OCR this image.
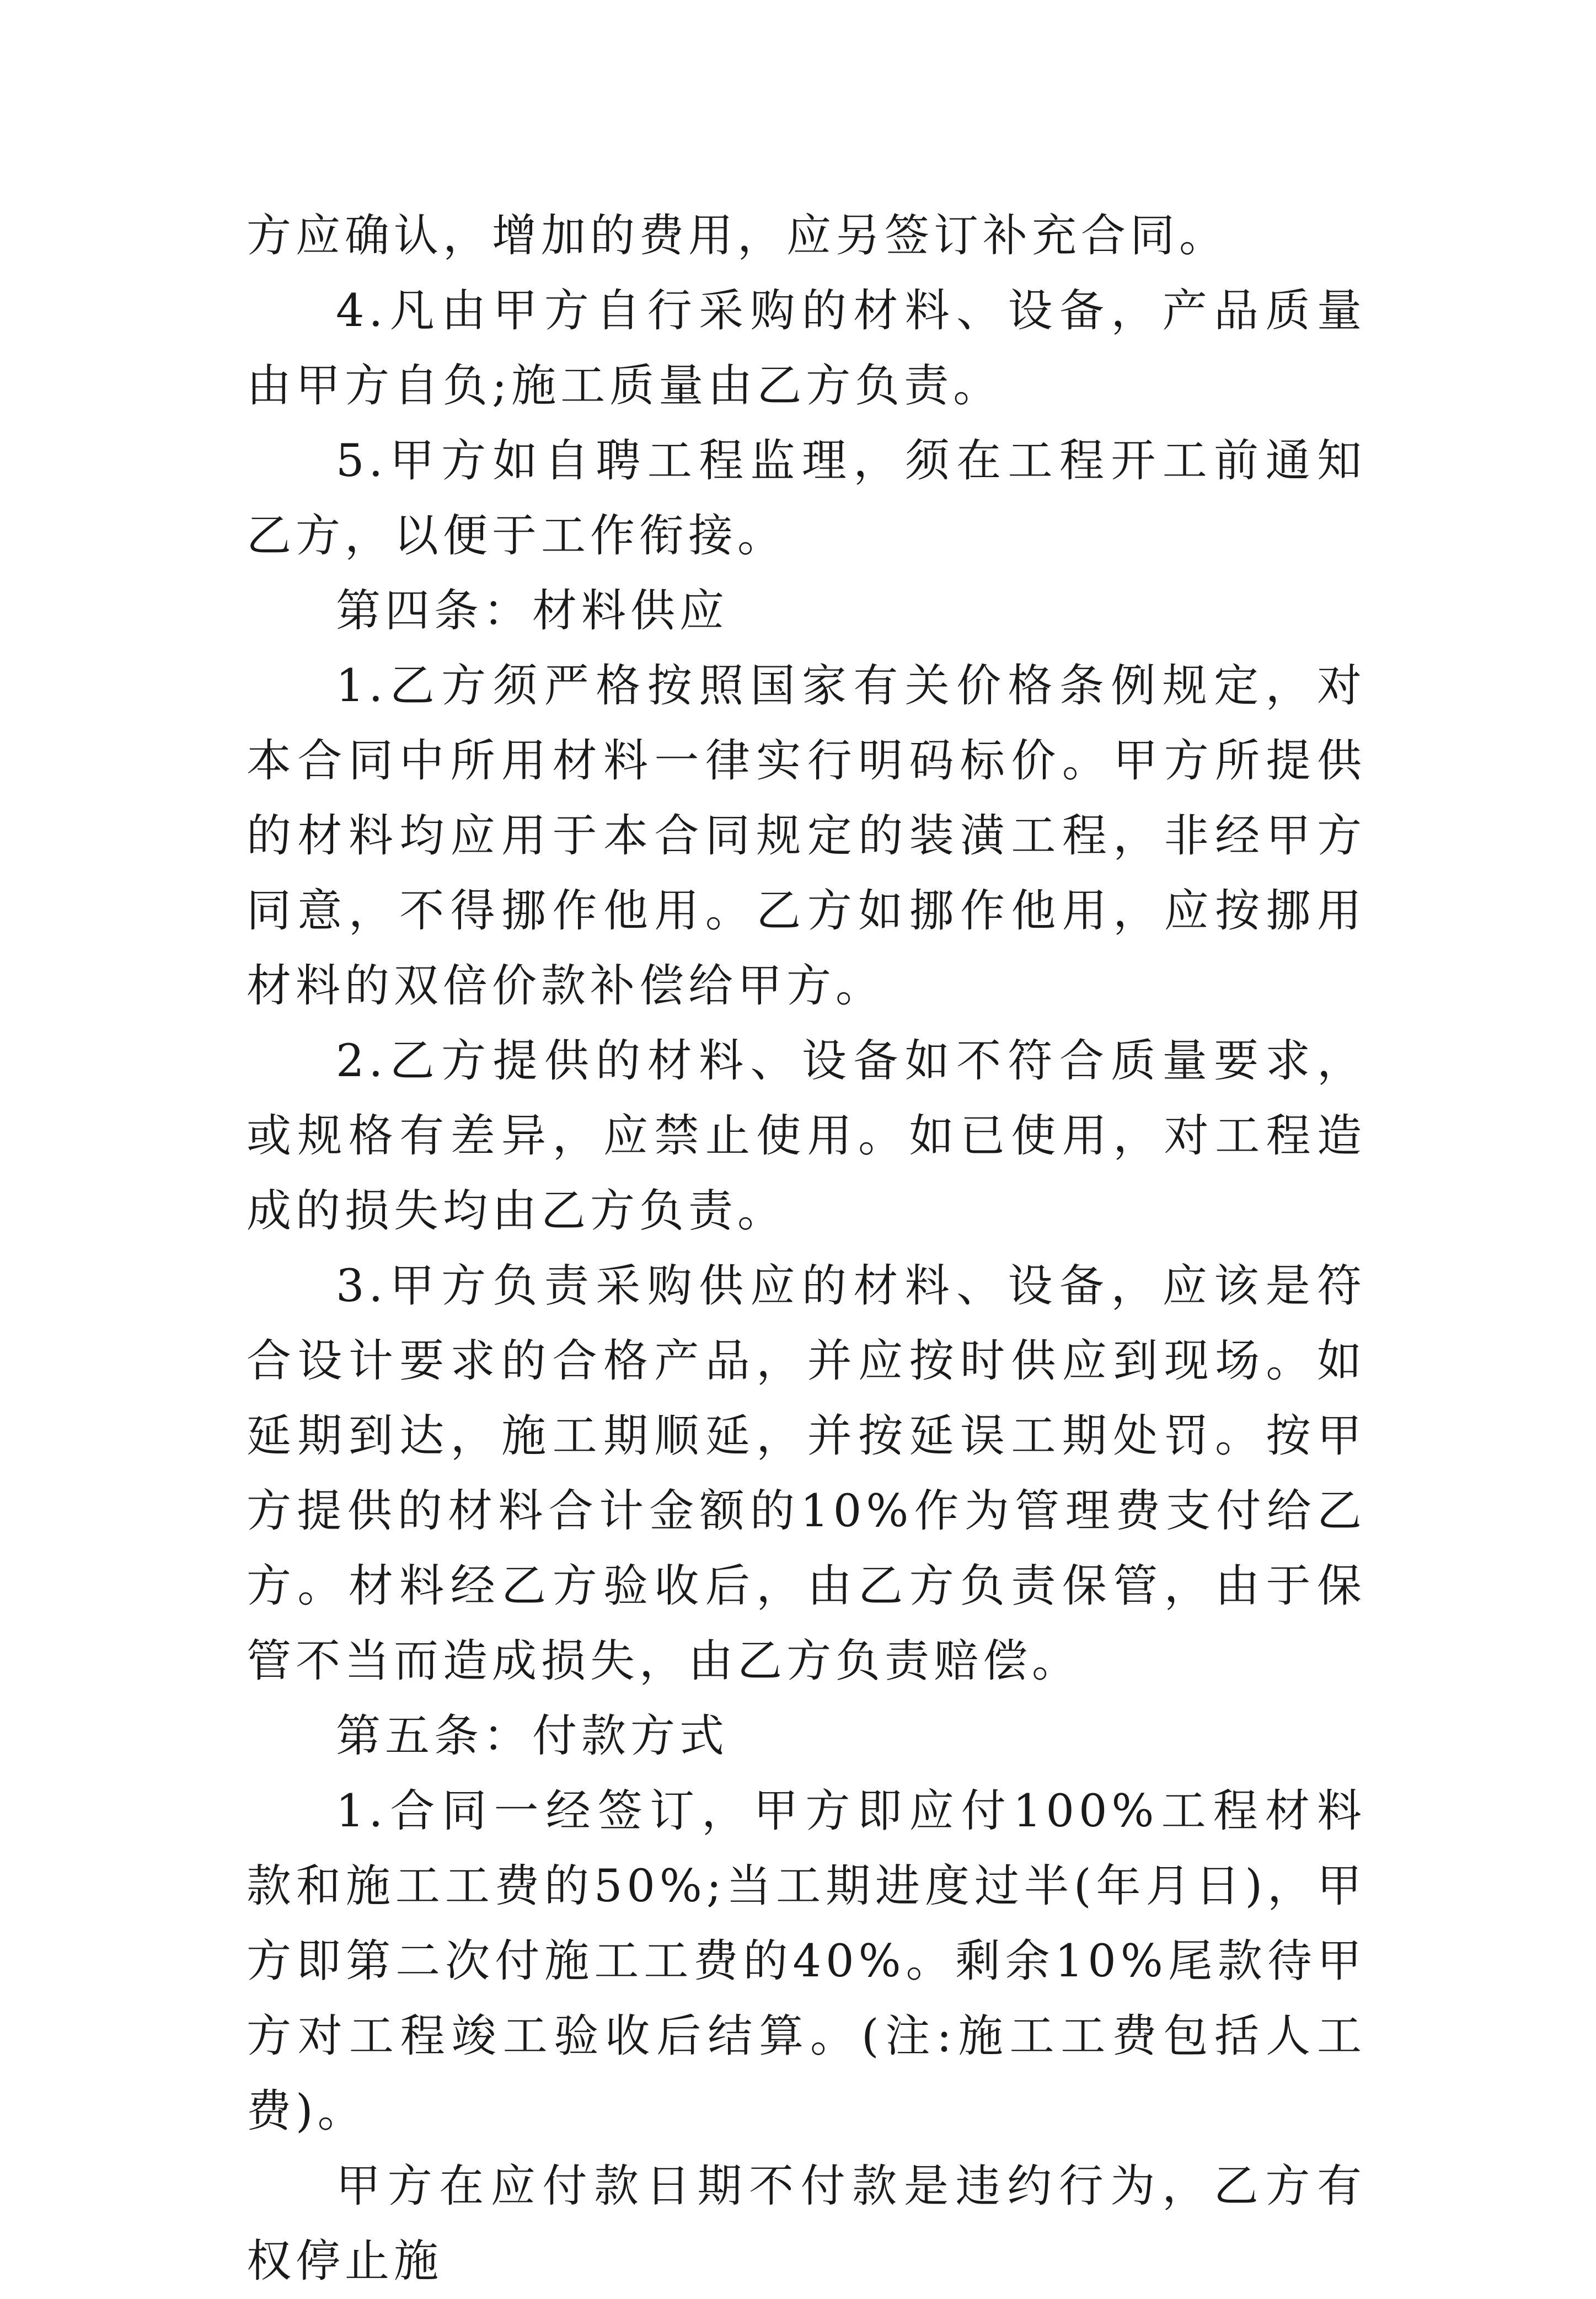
方应确认，增加的费用，应另签订补充合同。

4.凡由甲方自行采购的材料、设备，产品质量由甲方自负;施工质量由乙方负责。

5.甲方如自聘工程监理，须在工程开工前通知乙方，以便于工作衔接。

第四条：材料供应

1.乙方须严格按照国家有关价格条例规定，对本合同中所用材料一律实行明码标价。甲方所提供的材料均应用于本合同规定的装潢工程，非经甲方同意，不得挪作他用。乙方如挪作他用，应按挪用材料的双倍价款补偿给甲方。

2.乙方提供的材料、设备如不符合质量要求，或规格有差异，应禁止使用。如已使用，对工程造成的损失均由乙方负责。

3.甲方负责采购供应的材料、设备，应该是符合设计要求的合格产品，并应按时供应到现场。如延期到达，施工期顺延，并按延误工期处罚。按甲方提供的材料合计金额的10%作为管理费支付给乙方。材料经乙方验收后，由乙方负责保管，由于保管不当而造成损失，由乙方负责赔偿。

第五条：付款方式

1.合同一经签订，甲方即应付100%工程材料款和施工工费的50%;当工期进度过半(年月日)，甲方即第二次付施工工费的40%。剩余10%尾款待甲方对工程竣工验收后结算。(注:施工工费包括人工费)。

甲方在应付款日期不付款是违约行为，乙方有权停止施
